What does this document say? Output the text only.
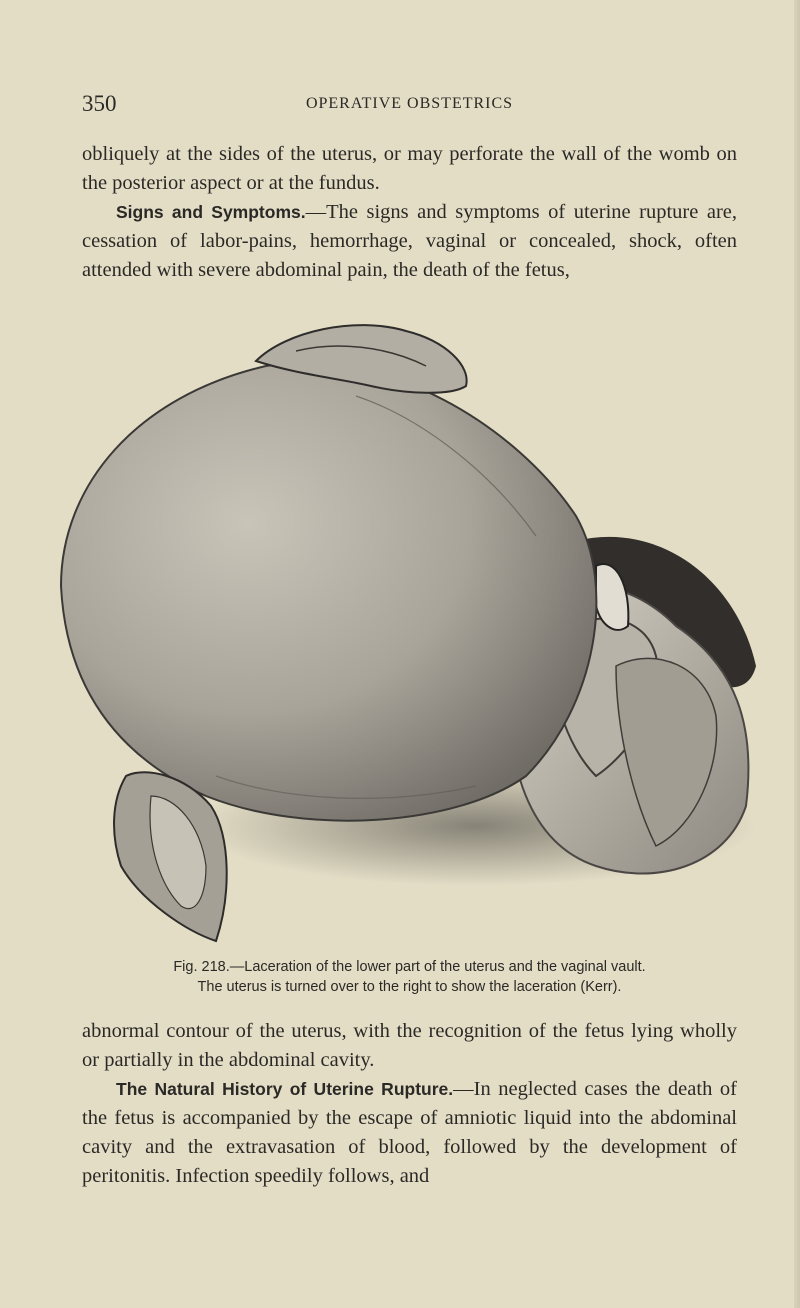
350	OPERATIVE OBSTETRICS

obliquely at the sides of the uterus, or may perforate the wall of the womb on the posterior aspect or at the fundus.

Signs and Symptoms.—The signs and symptoms of uterine rupture are, cessation of labor-pains, hemorrhage, vaginal or concealed, shock, often attended with severe abdominal pain, the death of the fetus,

Fig. 218.—Laceration of the lower part of the uterus and the vaginal vault.
The uterus is turned over to the right to show the laceration (Kerr).

abnormal contour of the uterus, with the recognition of the fetus lying wholly or partially in the abdominal cavity.

The Natural History of Uterine Rupture.—In neglected cases the death of the fetus is accompanied by the escape of amniotic liquid into the abdominal cavity and the extravasation of blood, followed by the development of peritonitis. Infection speedily follows, and
